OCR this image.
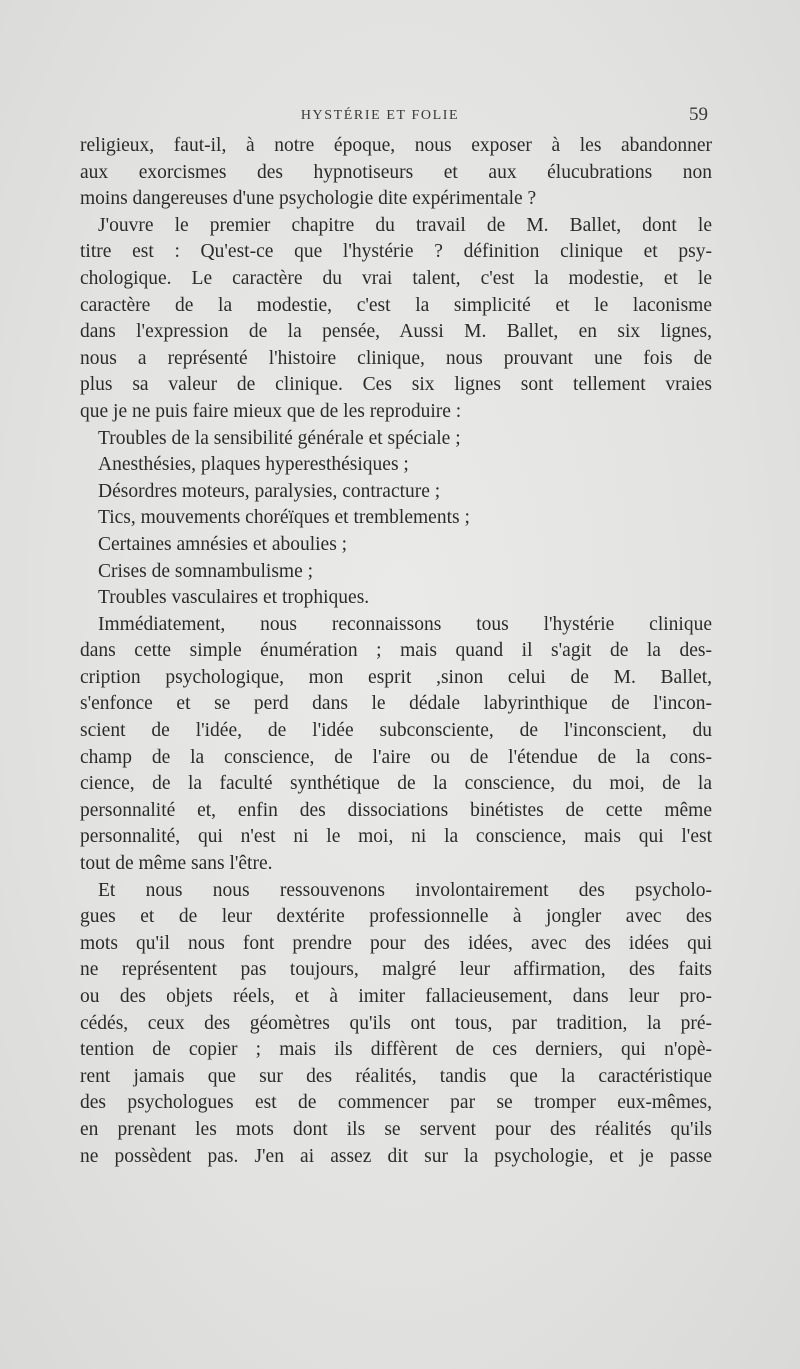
HYSTÉRIE ET FOLIE	59
religieux, faut-il, à notre époque, nous exposer à les abandonner
aux exorcismes des hypnotiseurs et aux élucubrations non
moins dangereuses d'une psychologie dite expérimentale ?
J'ouvre le premier chapitre du travail de M. Ballet, dont le
titre est : Qu'est-ce que l'hystérie ? définition clinique et psy-
chologique. Le caractère du vrai talent, c'est la modestie, et le
caractère de la modestie, c'est la simplicité et le laconisme
dans l'expression de la pensée, Aussi M. Ballet, en six lignes,
nous a représenté l'histoire clinique, nous prouvant une fois de
plus sa valeur de clinique. Ces six lignes sont tellement vraies
que je ne puis faire mieux que de les reproduire :
Troubles de la sensibilité générale et spéciale ;
Anesthésies, plaques hyperesthésiques ;
Désordres moteurs, paralysies, contracture ;
Tics, mouvements choréïques et tremblements ;
Certaines amnésies et aboulies ;
Crises de somnambulisme ;
Troubles vasculaires et trophiques.
Immédiatement, nous reconnaissons tous l'hystérie clinique
dans cette simple énumération ; mais quand il s'agit de la des-
cription psychologique, mon esprit ,sinon celui de M. Ballet,
s'enfonce et se perd dans le dédale labyrinthique de l'incon-
scient de l'idée, de l'idée subconsciente, de l'inconscient, du
champ de la conscience, de l'aire ou de l'étendue de la cons-
cience, de la faculté synthétique de la conscience, du moi, de la
personnalité et, enfin des dissociations binétistes de cette même
personnalité, qui n'est ni le moi, ni la conscience, mais qui l'est
tout de même sans l'être.
Et nous nous ressouvenons involontairement des psycholo-
gues et de leur dextérite professionnelle à jongler avec des
mots qu'il nous font prendre pour des idées, avec des idées qui
ne représentent pas toujours, malgré leur affirmation, des faits
ou des objets réels, et à imiter fallacieusement, dans leur pro-
cédés, ceux des géomètres qu'ils ont tous, par tradition, la pré-
tention de copier ; mais ils diffèrent de ces derniers, qui n'opè-
rent jamais que sur des réalités, tandis que la caractéristique
des psychologues est de commencer par se tromper eux-mêmes,
en prenant les mots dont ils se servent pour des réalités qu'ils
ne possèdent pas. J'en ai assez dit sur la psychologie, et je passe
